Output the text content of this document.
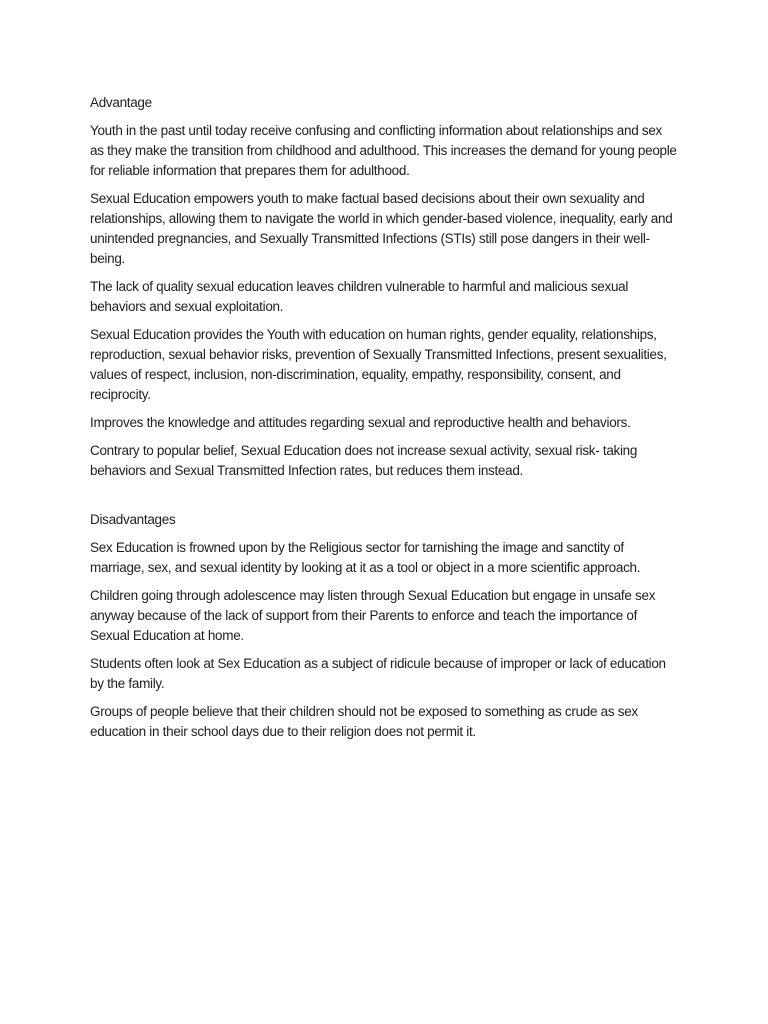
Advantage

Youth in the past until today receive confusing and conflicting information about relationships and sex as they make the transition from childhood and adulthood. This increases the demand for young people for reliable information that prepares them for adulthood.

Sexual Education empowers youth to make factual based decisions about their own sexuality and relationships, allowing them to navigate the world in which gender-based violence, inequality, early and unintended pregnancies, and Sexually Transmitted Infections (STIs) still pose dangers in their well-being.

The lack of quality sexual education leaves children vulnerable to harmful and malicious sexual behaviors and sexual exploitation.

Sexual Education provides the Youth with education on human rights, gender equality, relationships, reproduction, sexual behavior risks, prevention of Sexually Transmitted Infections, present sexualities, values of respect, inclusion, non-discrimination, equality, empathy, responsibility, consent, and reciprocity.

Improves the knowledge and attitudes regarding sexual and reproductive health and behaviors.

Contrary to popular belief, Sexual Education does not increase sexual activity, sexual risk- taking behaviors and Sexual Transmitted Infection rates, but reduces them instead.

Disadvantages

Sex Education is frowned upon by the Religious sector for tarnishing the image and sanctity of marriage, sex, and sexual identity by looking at it as a tool or object in a more scientific approach.

Children going through adolescence may listen through Sexual Education but engage in unsafe sex anyway because of the lack of support from their Parents to enforce and teach the importance of Sexual Education at home.

Students often look at Sex Education as a subject of ridicule because of improper or lack of education by the family.

Groups of people believe that their children should not be exposed to something as crude as sex education in their school days due to their religion does not permit it.
